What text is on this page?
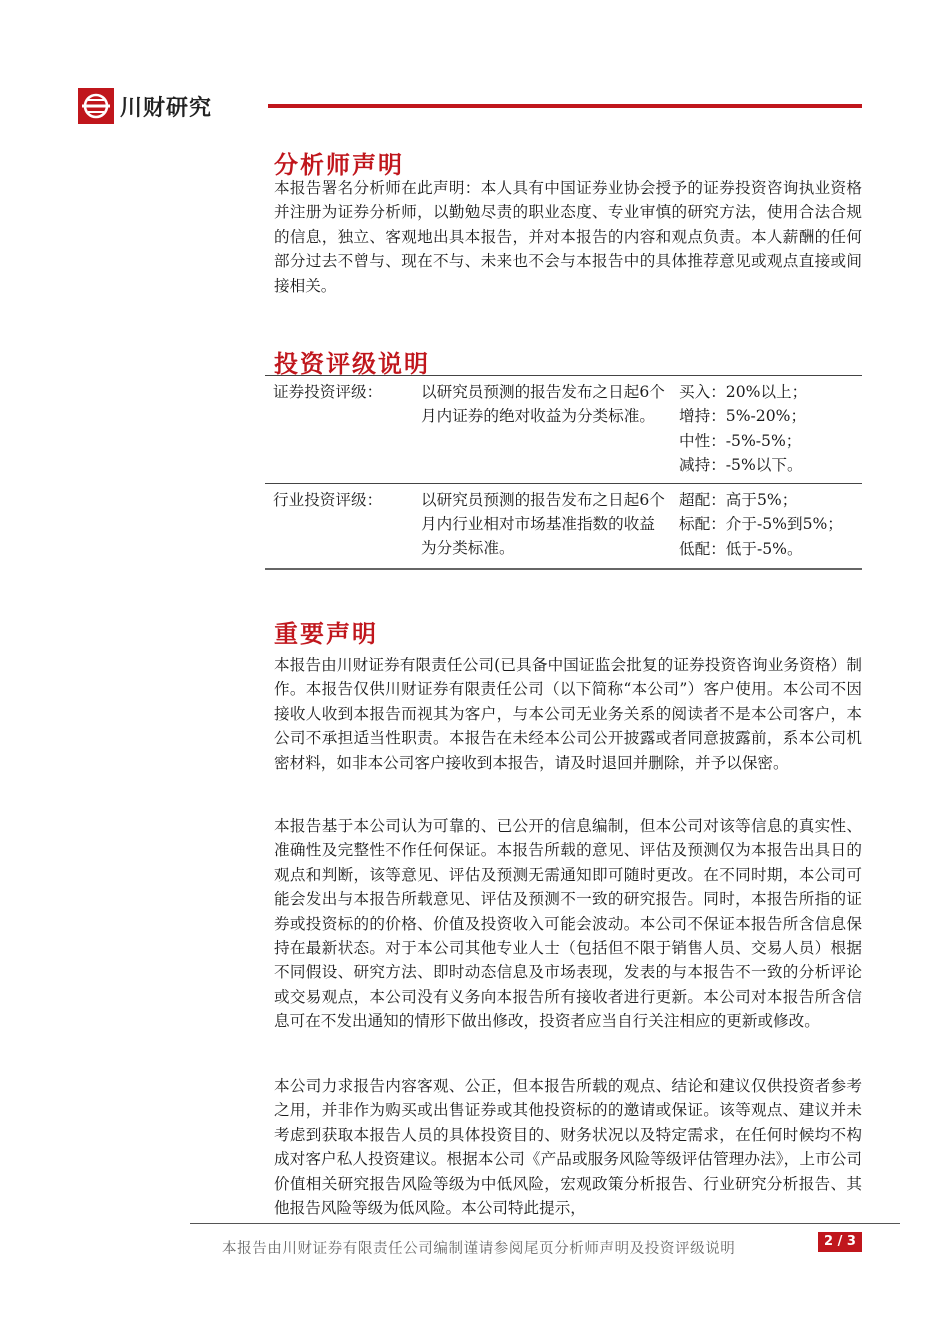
川财研究
分析师声明

本报告署名分析师在此声明：本人具有中国证券业协会授予的证券投资咨询执业资格并注册为证券分析师，以勤勉尽责的职业态度、专业审慎的研究方法，使用合法合规的信息，独立、客观地出具本报告，并对本报告的内容和观点负责。本人薪酬的任何部分过去不曾与、现在不与、未来也不会与本报告中的具体推荐意见或观点直接或间接相关。

投资评级说明
证券投资评级： 以研究员预测的报告发布之日起6个月内证券的绝对收益为分类标准。
买入：20%以上；
增持：5%-20%；
中性：-5%-5%；
减持：-5%以下。
行业投资评级： 以研究员预测的报告发布之日起6个月内行业相对市场基准指数的收益为分类标准。
超配：高于5%；
标配：介于-5%到5%；
低配：低于-5%。
重要声明

本报告由川财证券有限责任公司(已具备中国证监会批复的证券投资咨询业务资格）制作。本报告仅供川财证券有限责任公司（以下简称“本公司”）客户使用。本公司不因接收人收到本报告而视其为客户，与本公司无业务关系的阅读者不是本公司客户，本公司不承担适当性职责。本报告在未经本公司公开披露或者同意披露前，系本公司机密材料，如非本公司客户接收到本报告，请及时退回并删除，并予以保密。

本报告基于本公司认为可靠的、已公开的信息编制，但本公司对该等信息的真实性、准确性及完整性不作任何保证。本报告所载的意见、评估及预测仅为本报告出具日的观点和判断，该等意见、评估及预测无需通知即可随时更改。在不同时期，本公司可能会发出与本报告所载意见、评估及预测不一致的研究报告。同时，本报告所指的证券或投资标的的价格、价值及投资收入可能会波动。本公司不保证本报告所含信息保持在最新状态。对于本公司其他专业人士（包括但不限于销售人员、交易人员）根据不同假设、研究方法、即时动态信息及市场表现，发表的与本报告不一致的分析评论或交易观点，本公司没有义务向本报告所有接收者进行更新。本公司对本报告所含信息可在不发出通知的情形下做出修改，投资者应当自行关注相应的更新或修改。

本公司力求报告内容客观、公正，但本报告所载的观点、结论和建议仅供投资者参考之用，并非作为购买或出售证券或其他投资标的的邀请或保证。该等观点、建议并未考虑到获取本报告人员的具体投资目的、财务状况以及特定需求，在任何时候均不构成对客户私人投资建议。根据本公司《产品或服务风险等级评估管理办法》，上市公司价值相关研究报告风险等级为中低风险，宏观政策分析报告、行业研究分析报告、其他报告风险等级为低风险。本公司特此提示，

本报告由川财证券有限责任公司编制谨请参阅尾页分析师声明及投资评级说明	2 / 3
